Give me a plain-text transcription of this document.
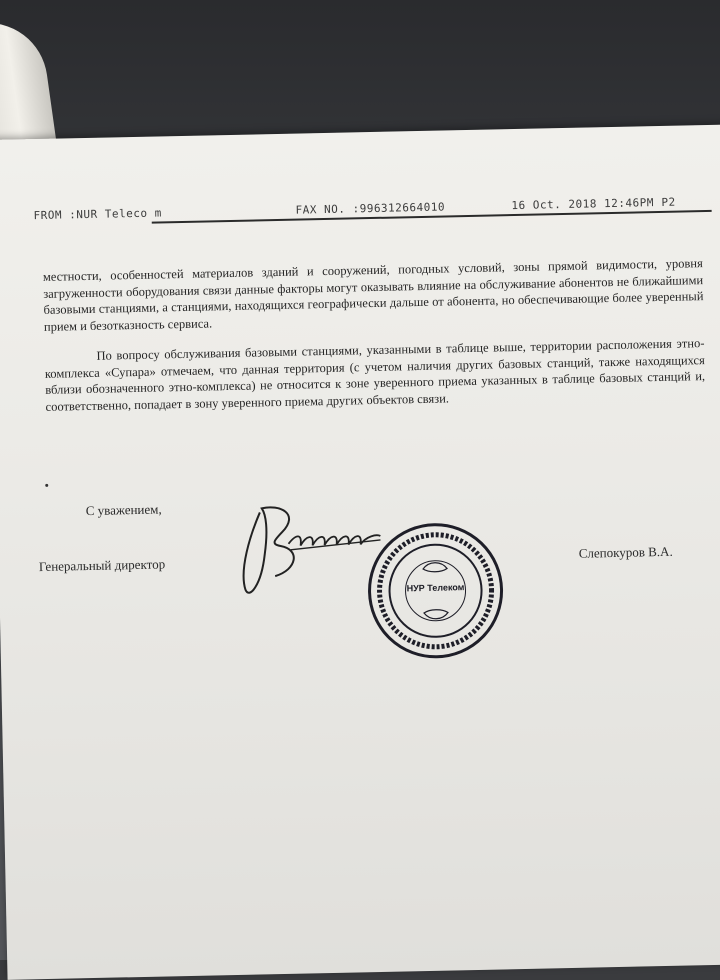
FROM :NUR Teleco m	FAX NO. :996312664010	16 Oct. 2018 12:46PM P2

местности, особенностей материалов зданий и сооружений, погодных условий, зоны прямой видимости, уровня загруженности оборудования связи данные факторы могут оказывать влияние на обслуживание абонентов не ближайшими базовыми станциями, а станциями, находящихся географически дальше от абонента, но обеспечивающие более уверенный прием и безотказность сервиса.

По вопросу обслуживания базовыми станциями, указанными в таблице выше, территории расположения этно-комплекса «Супара» отмечаем, что данная территория (с учетом наличия других базовых станций, также находящихся вблизи обозначенного этно-комплекса) не относится к зоне уверенного приема указанных в таблице базовых станций и, соответственно, попадает в зону уверенного приема других объектов связи.

С уважением,
Генеральный директор
Слепокуров В.А.
НУР Телеком
